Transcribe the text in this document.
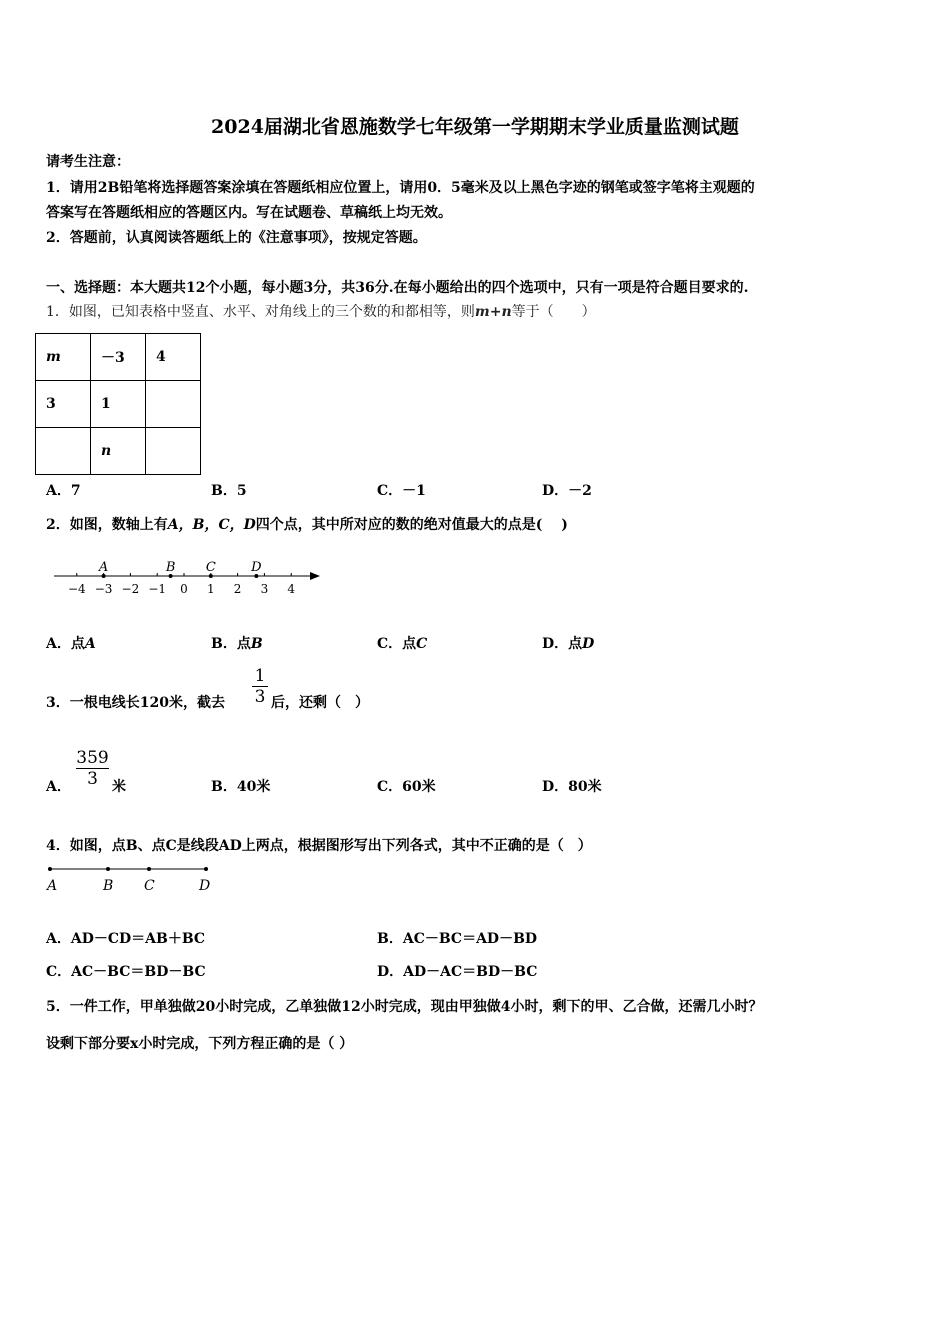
2024届湖北省恩施数学七年级第一学期期末学业质量监测试题
请考生注意：
1．请用2B铅笔将选择题答案涂填在答题纸相应位置上，请用0．5毫米及以上黑色字迹的钢笔或签字笔将主观题的
答案写在答题纸相应的答题区内。写在试题卷、草稿纸上均无效。
2．答题前，认真阅读答题纸上的《注意事项》，按规定答题。
一、选择题：本大题共12个小题，每小题3分，共36分.在每小题给出的四个选项中，只有一项是符合题目要求的.
1．如图，已知表格中竖直、水平、对角线上的三个数的和都相等，则m+n等于（　　）
m	－3	4
3	1	
	n	
A．7	B．5	C．－1	D．－2
2．如图，数轴上有A，B，C，D四个点，其中所对应的数的绝对值最大的点是(　 )
−4 −3 −2 −1 0 1 2 3 4
A	B C	D
A．点A	B．点B	C．点C	D．点D
3．一根电线长120米，截去
1
3 后，还剩（　）
A．
359
3	米	B．40米	C．60米	D．80米
4．如图，点B、点C是线段AD上两点，根据图形写出下列各式，其中不正确的是（　）
A	B C	D
A．AD－CD＝AB＋BC	B．AC－BC＝AD－BD
C．AC－BC＝BD－BC	D．AD－AC＝BD－BC
5．一件工作，甲单独做20小时完成，乙单独做12小时完成，现由甲独做4小时，剩下的甲、乙合做，还需几小时？
设剩下部分要x小时完成，下列方程正确的是（ ）
